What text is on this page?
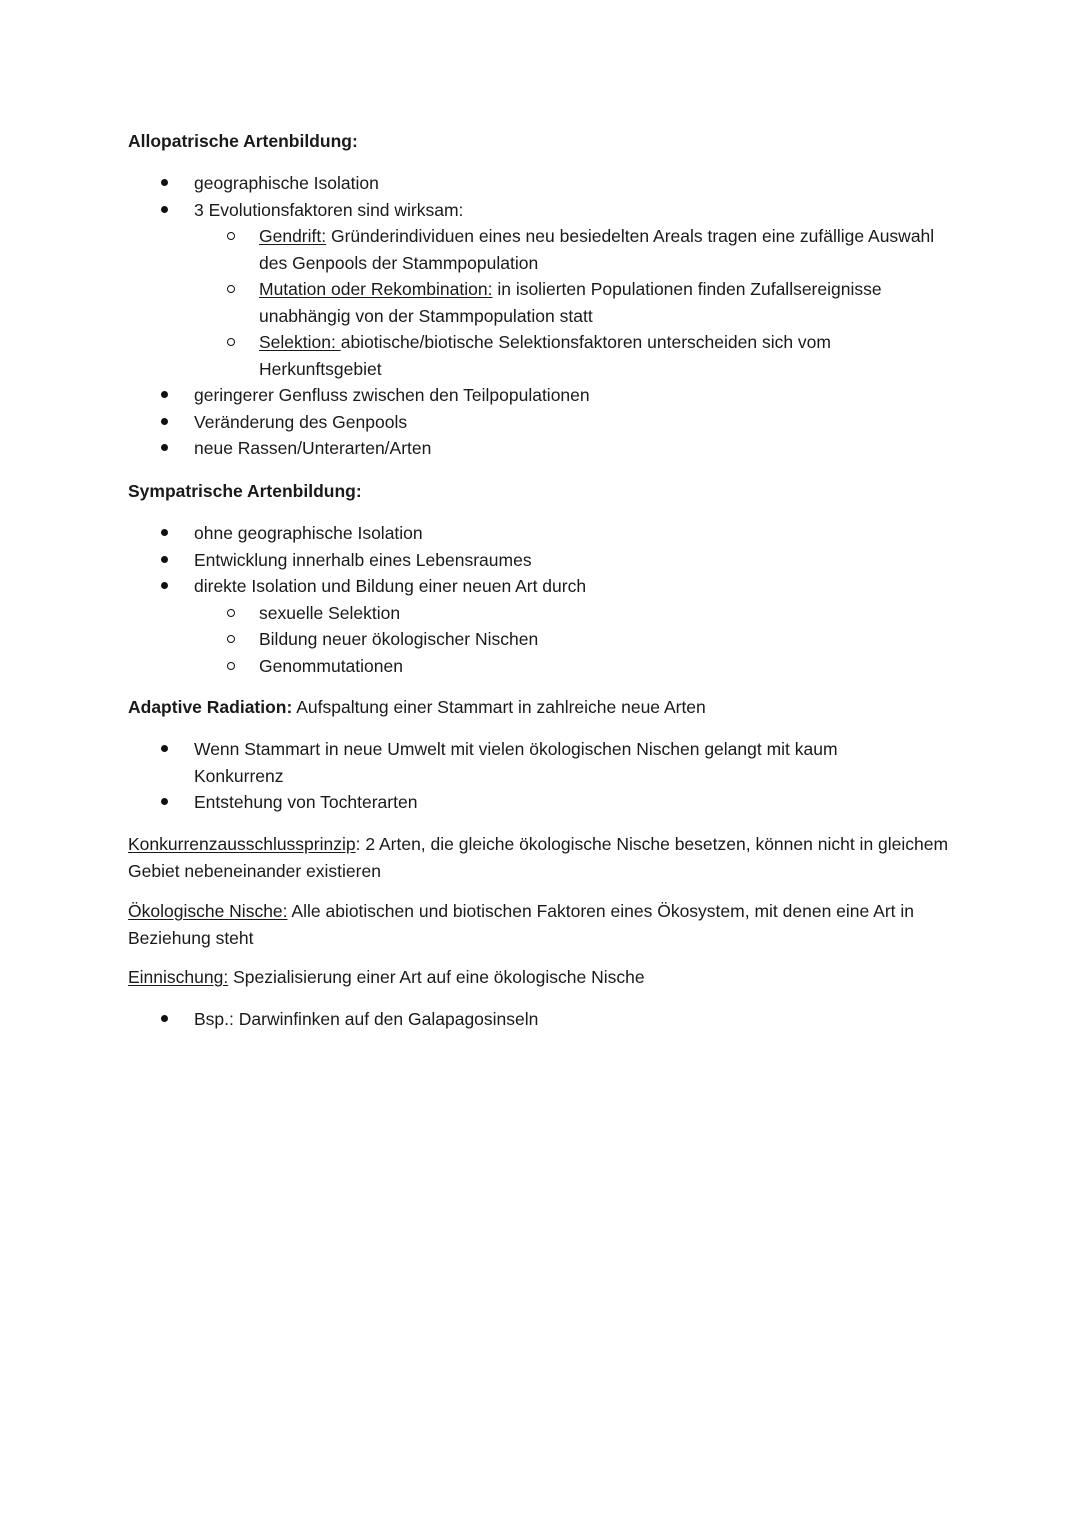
Allopatrische Artenbildung:
geographische Isolation
3 Evolutionsfaktoren sind wirksam:
Gendrift: Gründerindividuen eines neu besiedelten Areals tragen eine zufällige Auswahl des Genpools der Stammpopulation
Mutation oder Rekombination: in isolierten Populationen finden Zufallsereignisse unabhängig von der Stammpopulation statt
Selektion: abiotische/biotische Selektionsfaktoren unterscheiden sich vom Herkunftsgebiet
geringerer Genfluss zwischen den Teilpopulationen
Veränderung des Genpools
neue Rassen/Unterarten/Arten
Sympatrische Artenbildung:
ohne geographische Isolation
Entwicklung innerhalb eines Lebensraumes
direkte Isolation und Bildung einer neuen Art durch
sexuelle Selektion
Bildung neuer ökologischer Nischen
Genommutationen
Adaptive Radiation: Aufspaltung einer Stammart in zahlreiche neue Arten
Wenn Stammart in neue Umwelt mit vielen ökologischen Nischen gelangt mit kaum Konkurrenz
Entstehung von Tochterarten
Konkurrenzausschlussprinzip: 2 Arten, die gleiche ökologische Nische besetzen, können nicht in gleichem Gebiet nebeneinander existieren
Ökologische Nische: Alle abiotischen und biotischen Faktoren eines Ökosystem, mit denen eine Art in Beziehung steht
Einnischung: Spezialisierung einer Art auf eine ökologische Nische
Bsp.: Darwinfinken auf den Galapagosinseln
